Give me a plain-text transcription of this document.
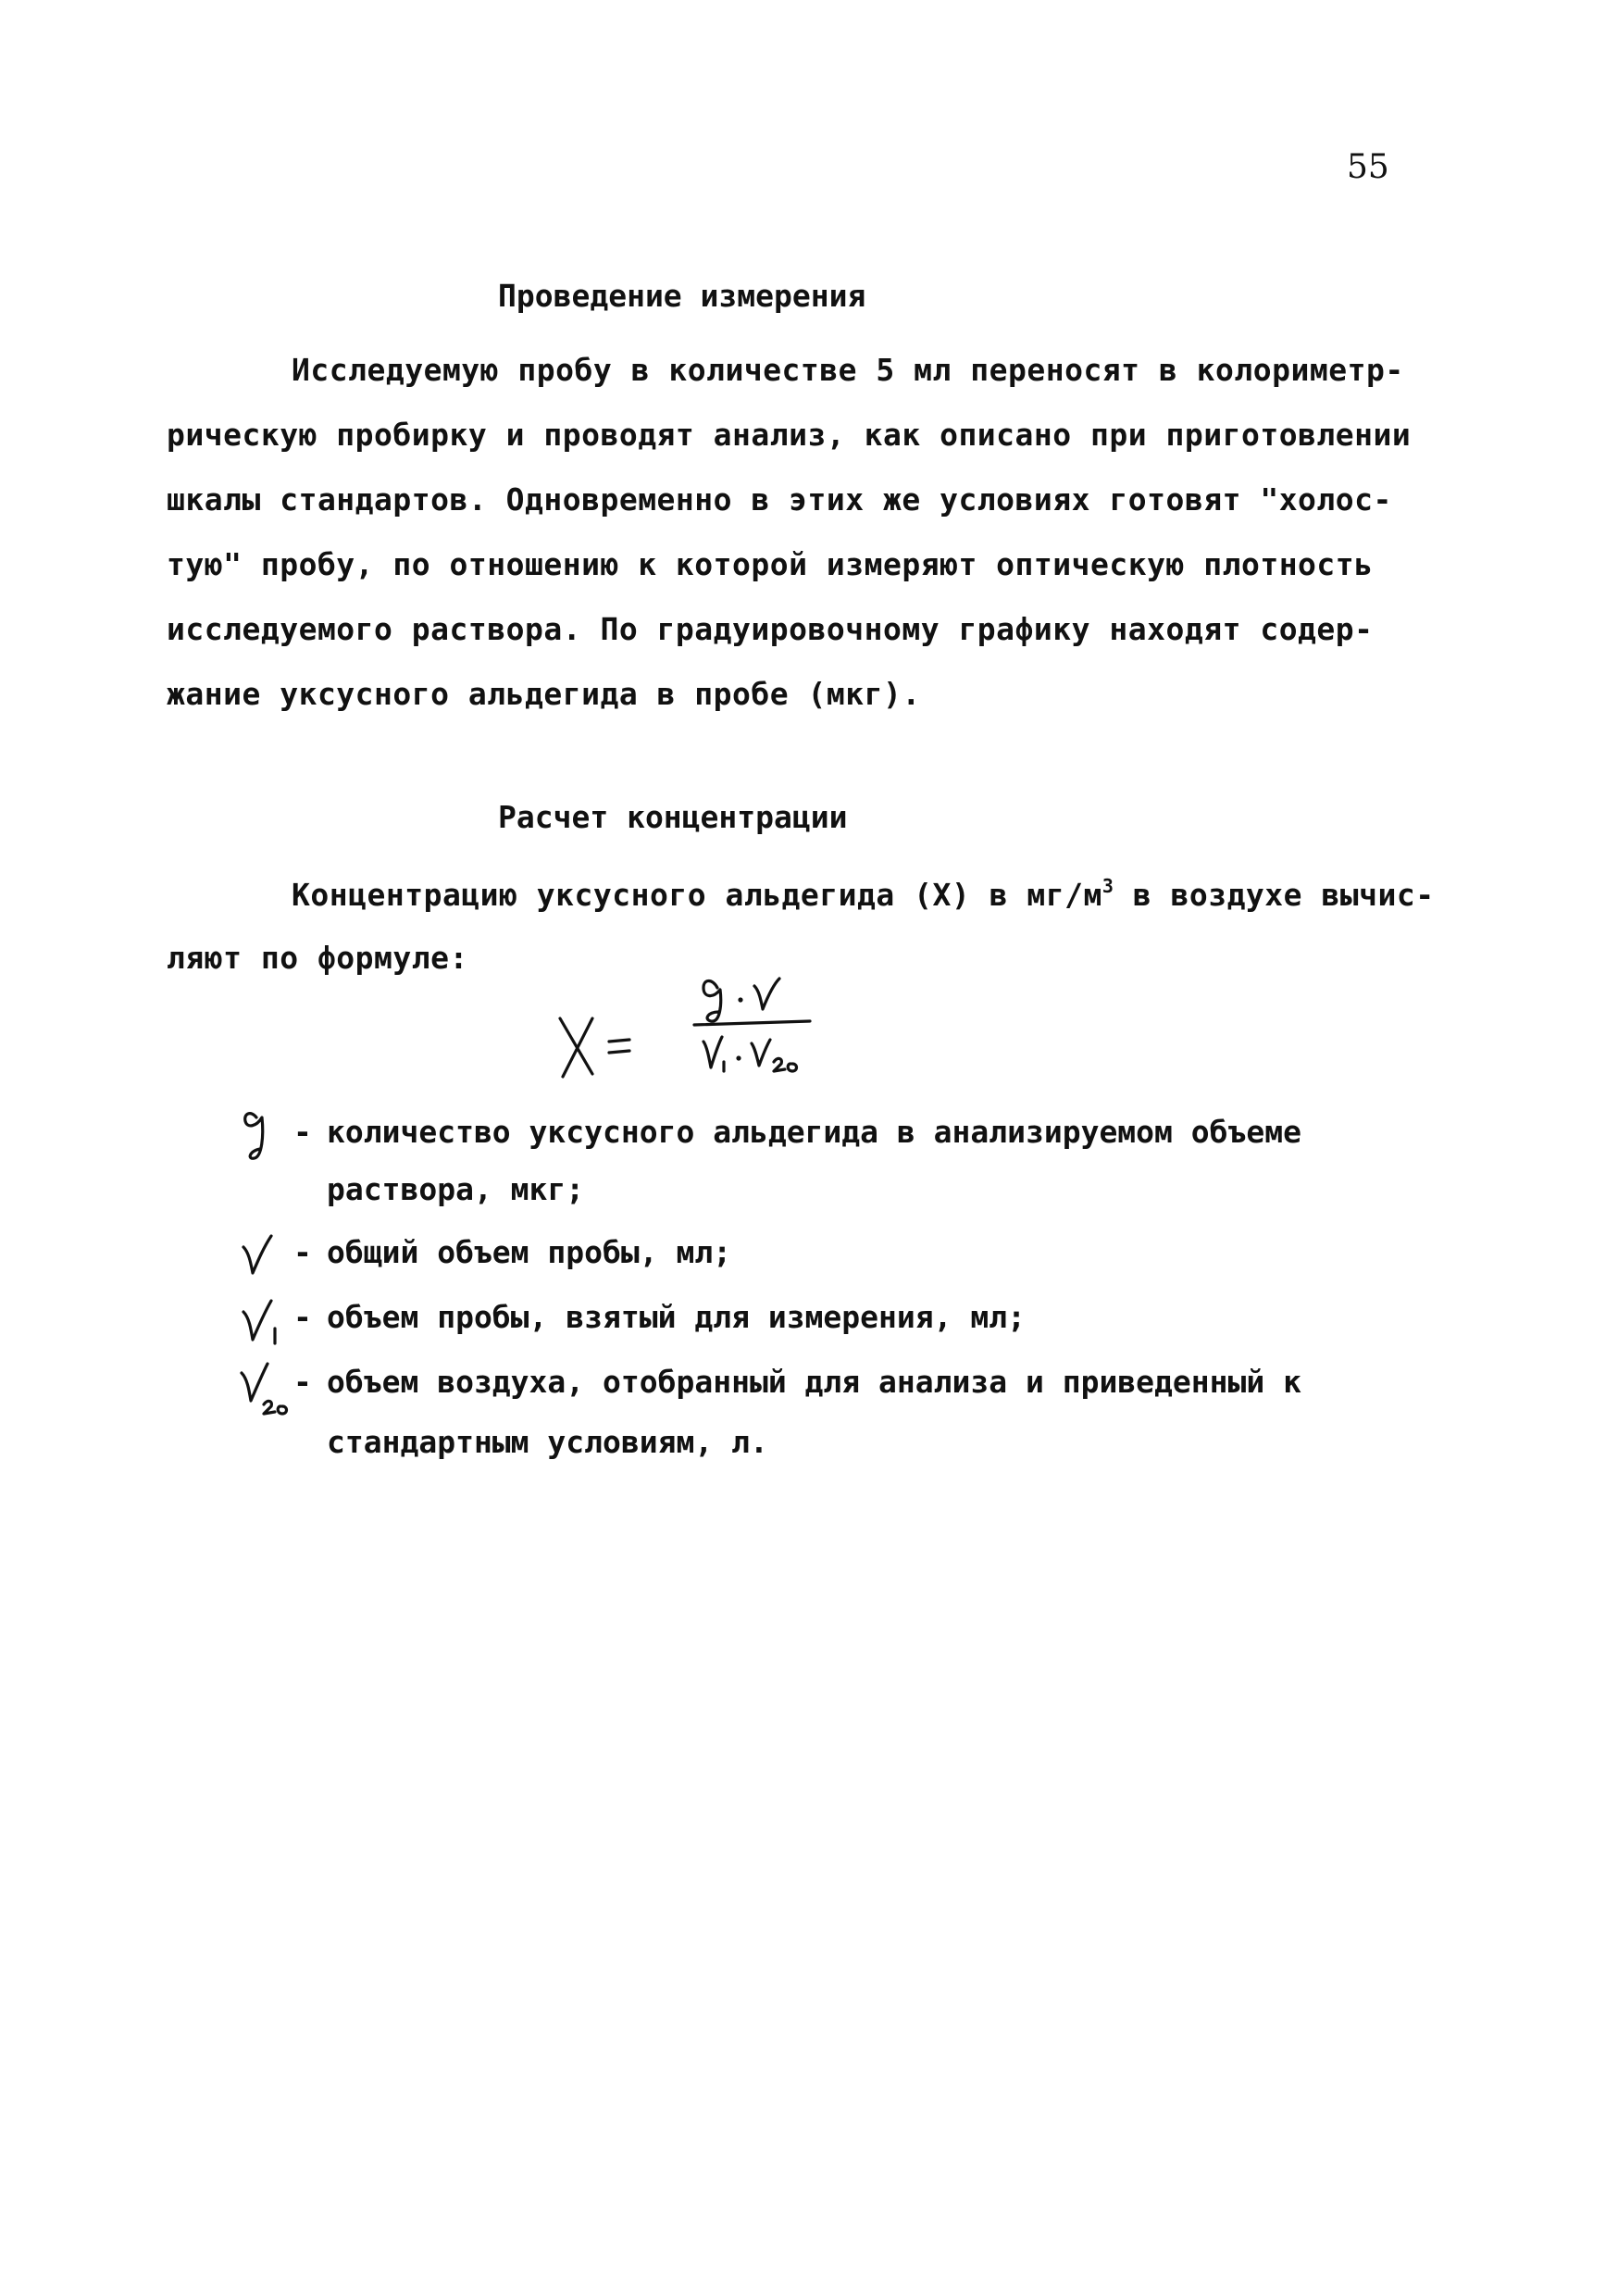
55
Проведение измерения
Исследуемую пробу в количестве 5 мл переносят в колориметр-
рическую пробирку и проводят анализ, как описано при приготовлении
шкалы стандартов. Одновременно в этих же условиях готовят "холос-
тую" пробу, по отношению к которой измеряют оптическую плотность
исследуемого раствора. По градуировочному графику находят содер-
жание уксусного альдегида в пробе (мкг).
Расчет концентрации
Концентрацию уксусного альдегида (Х) в $мг/м^3$ в воздухе вычис-
ляют по формуле:
- количество уксусного альдегида в анализируемом объеме
раствора, мкг;
- общий объем пробы, мл;
- объем пробы, взятый для измерения, мл;
- объем воздуха, отобранный для анализа и приведенный к
стандартным условиям, л.
